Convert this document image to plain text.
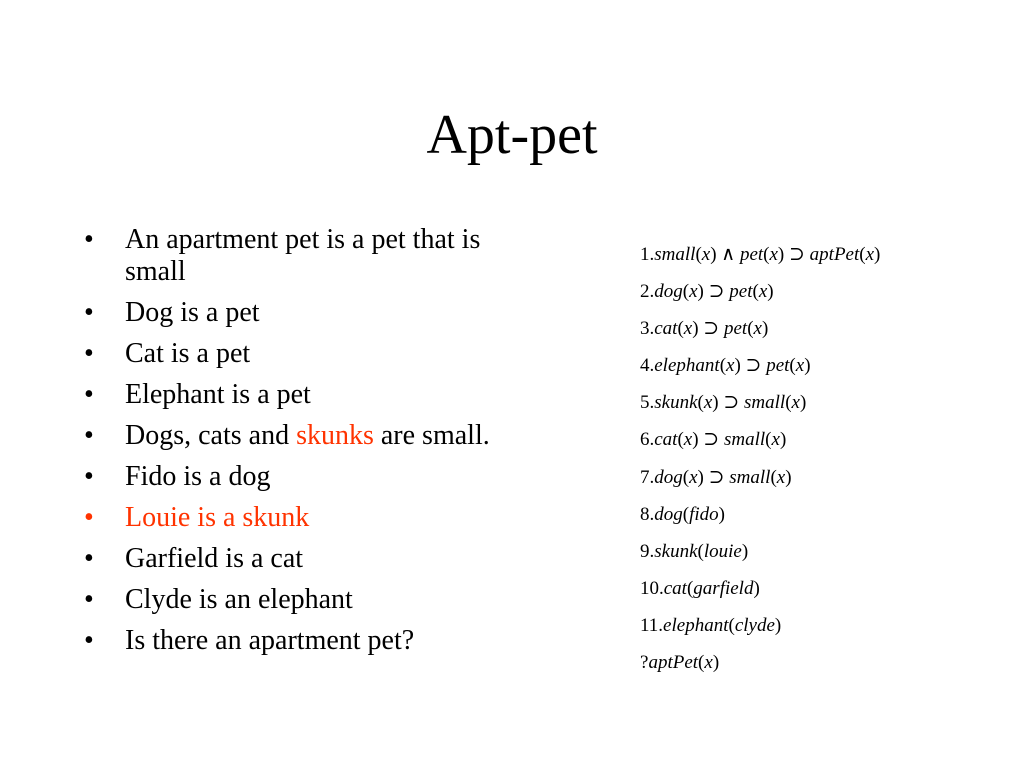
Apt-pet
• An apartment pet is a pet that is small
• Dog is a pet
• Cat is a pet
• Elephant is a pet
• Dogs, cats and skunks are small.
• Fido is a dog
• Louie is a skunk
• Garfield is a cat
• Clyde is an elephant
• Is there an apartment pet?
1.small(x) ∧ pet(x) ⊃ aptPet(x)
2.dog(x) ⊃ pet(x)
3.cat(x) ⊃ pet(x)
4.elephant(x) ⊃ pet(x)
5.skunk(x) ⊃ small(x)
6.cat(x) ⊃ small(x)
7.dog(x) ⊃ small(x)
8.dog(fido)
9.skunk(louie)
10.cat(garfield)
11.elephant(clyde)
?aptPet(x)
